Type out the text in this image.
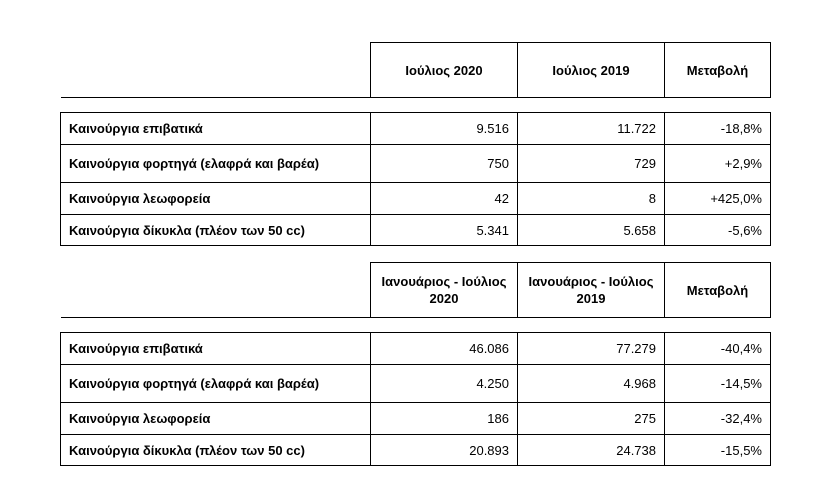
	Ιούλιος 2020	Ιούλιος 2019	Μεταβολή

Καινούργια επιβατικά	9.516	11.722	-18,8%
Καινούργια φορτηγά (ελαφρά και βαρέα)	750	729	+2,9%
Καινούργια λεωφορεία	42	8	+425,0%
Καινούργια δίκυκλα (πλέον των 50 cc)	5.341	5.658	-5,6%
	Ιανουάριος - Ιούλιος 2020	Ιανουάριος - Ιούλιος 2019	Μεταβολή

Καινούργια επιβατικά	46.086	77.279	-40,4%
Καινούργια φορτηγά (ελαφρά και βαρέα)	4.250	4.968	-14,5%
Καινούργια λεωφορεία	186	275	-32,4%
Καινούργια δίκυκλα (πλέον των 50 cc)	20.893	24.738	-15,5%
